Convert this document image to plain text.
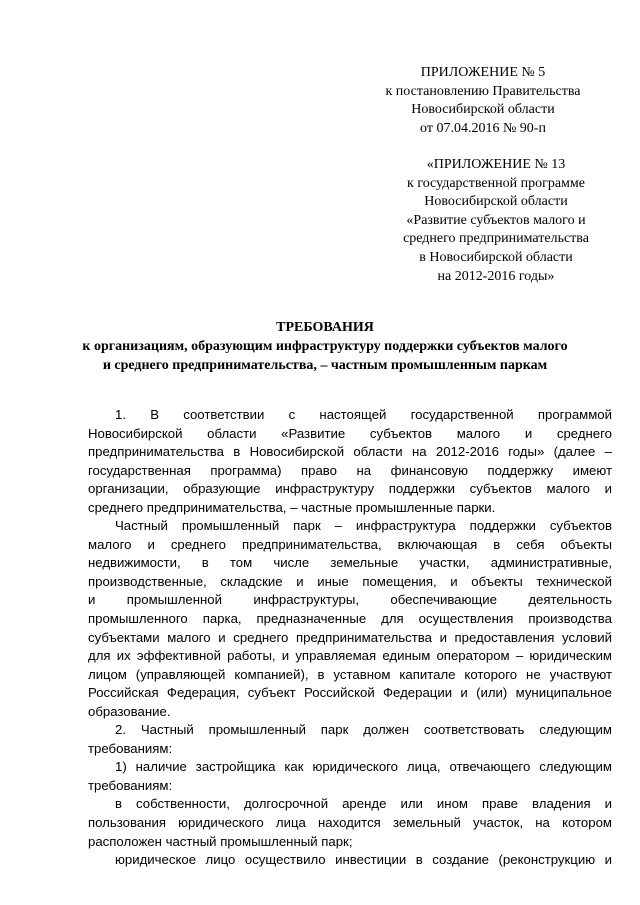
ПРИЛОЖЕНИЕ № 5
к постановлению Правительства
Новосибирской области
от 07.04.2016 № 90-п
«ПРИЛОЖЕНИЕ № 13
к государственной программе
Новосибирской области
«Развитие субъектов малого и
среднего предпринимательства
в Новосибирской области
на 2012-2016 годы»
ТРЕБОВАНИЯ
к организациям, образующим инфраструктуру поддержки субъектов малого
и среднего предпринимательства, – частным промышленным паркам
1. В соответствии с настоящей государственной программой
Новосибирской области «Развитие субъектов малого и среднего
предпринимательства в Новосибирской области на 2012-2016 годы» (далее –
государственная программа) право на финансовую поддержку имеют
организации, образующие инфраструктуру поддержки субъектов малого и
среднего предпринимательства, – частные промышленные парки.
Частный промышленный парк – инфраструктура поддержки субъектов
малого и среднего предпринимательства, включающая в себя объекты
недвижимости, в том числе земельные участки, административные,
производственные, складские и иные помещения, и объекты технической
и промышленной инфраструктуры, обеспечивающие деятельность
промышленного парка, предназначенные для осуществления производства
субъектами малого и среднего предпринимательства и предоставления условий
для их эффективной работы, и управляемая единым оператором – юридическим
лицом (управляющей компанией), в уставном капитале которого не участвуют
Российская Федерация, субъект Российской Федерации и (или) муниципальное
образование.
2. Частный промышленный парк должен соответствовать следующим
требованиям:
1) наличие застройщика как юридического лица, отвечающего следующим
требованиям:
в собственности, долгосрочной аренде или ином праве владения и
пользования юридического лица находится земельный участок, на котором
расположен частный промышленный парк;
юридическое лицо осуществило инвестиции в создание (реконструкцию и
